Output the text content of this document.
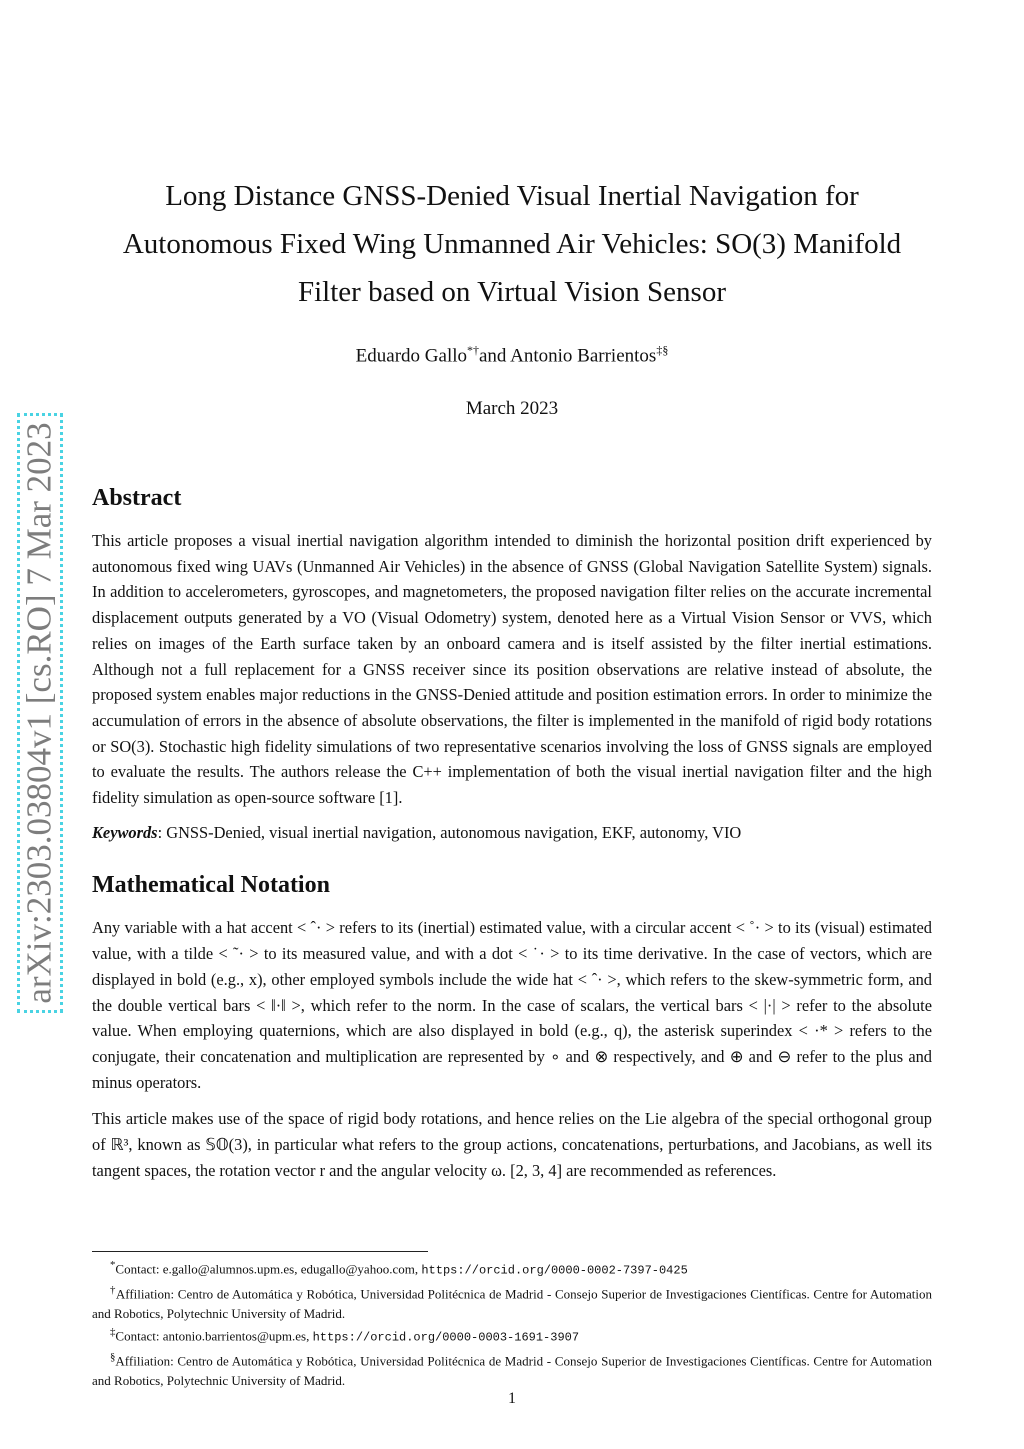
arXiv:2303.03804v1 [cs.RO] 7 Mar 2023
Long Distance GNSS-Denied Visual Inertial Navigation for Autonomous Fixed Wing Unmanned Air Vehicles: SO(3) Manifold Filter based on Virtual Vision Sensor
Eduardo Gallo*†and Antonio Barrientos‡§
March 2023
Abstract

This article proposes a visual inertial navigation algorithm intended to diminish the horizontal position drift experienced by autonomous fixed wing UAVs (Unmanned Air Vehicles) in the absence of GNSS (Global Navigation Satellite System) signals. In addition to accelerometers, gyroscopes, and magnetometers, the proposed navigation filter relies on the accurate incremental displacement outputs generated by a VO (Visual Odometry) system, denoted here as a Virtual Vision Sensor or VVS, which relies on images of the Earth surface taken by an onboard camera and is itself assisted by the filter inertial estimations. Although not a full replacement for a GNSS receiver since its position observations are relative instead of absolute, the proposed system enables major reductions in the GNSS-Denied attitude and position estimation errors. In order to minimize the accumulation of errors in the absence of absolute observations, the filter is implemented in the manifold of rigid body rotations or SO(3). Stochastic high fidelity simulations of two representative scenarios involving the loss of GNSS signals are employed to evaluate the results. The authors release the C++ implementation of both the visual inertial navigation filter and the high fidelity simulation as open-source software [1].

Keywords: GNSS-Denied, visual inertial navigation, autonomous navigation, EKF, autonomy, VIO

Mathematical Notation

Any variable with a hat accent < ˆ· > refers to its (inertial) estimated value, with a circular accent < ˚· > to its (visual) estimated value, with a tilde < ˜· > to its measured value, and with a dot < ˙· > to its time derivative. In the case of vectors, which are displayed in bold (e.g., x), other employed symbols include the wide hat < ˆ· >, which refers to the skew-symmetric form, and the double vertical bars < ‖·‖ >, which refer to the norm. In the case of scalars, the vertical bars < |·| > refer to the absolute value. When employing quaternions, which are also displayed in bold (e.g., q), the asterisk superindex < ·* > refers to the conjugate, their concatenation and multiplication are represented by ∘ and ⊗ respectively, and ⊕ and ⊖ refer to the plus and minus operators.

This article makes use of the space of rigid body rotations, and hence relies on the Lie algebra of the special orthogonal group of ℝ³, known as 𝕊𝕆(3), in particular what refers to the group actions, concatenations, perturbations, and Jacobians, as well its tangent spaces, the rotation vector r and the angular velocity ω. [2, 3, 4] are recommended as references.

*Contact: e.gallo@alumnos.upm.es, edugallo@yahoo.com, https://orcid.org/0000-0002-7397-0425

†Affiliation: Centro de Automática y Robótica, Universidad Politécnica de Madrid - Consejo Superior de Investigaciones Científicas. Centre for Automation and Robotics, Polytechnic University of Madrid.

‡Contact: antonio.barrientos@upm.es, https://orcid.org/0000-0003-1691-3907

§Affiliation: Centro de Automática y Robótica, Universidad Politécnica de Madrid - Consejo Superior de Investigaciones Científicas. Centre for Automation and Robotics, Polytechnic University of Madrid.

1
